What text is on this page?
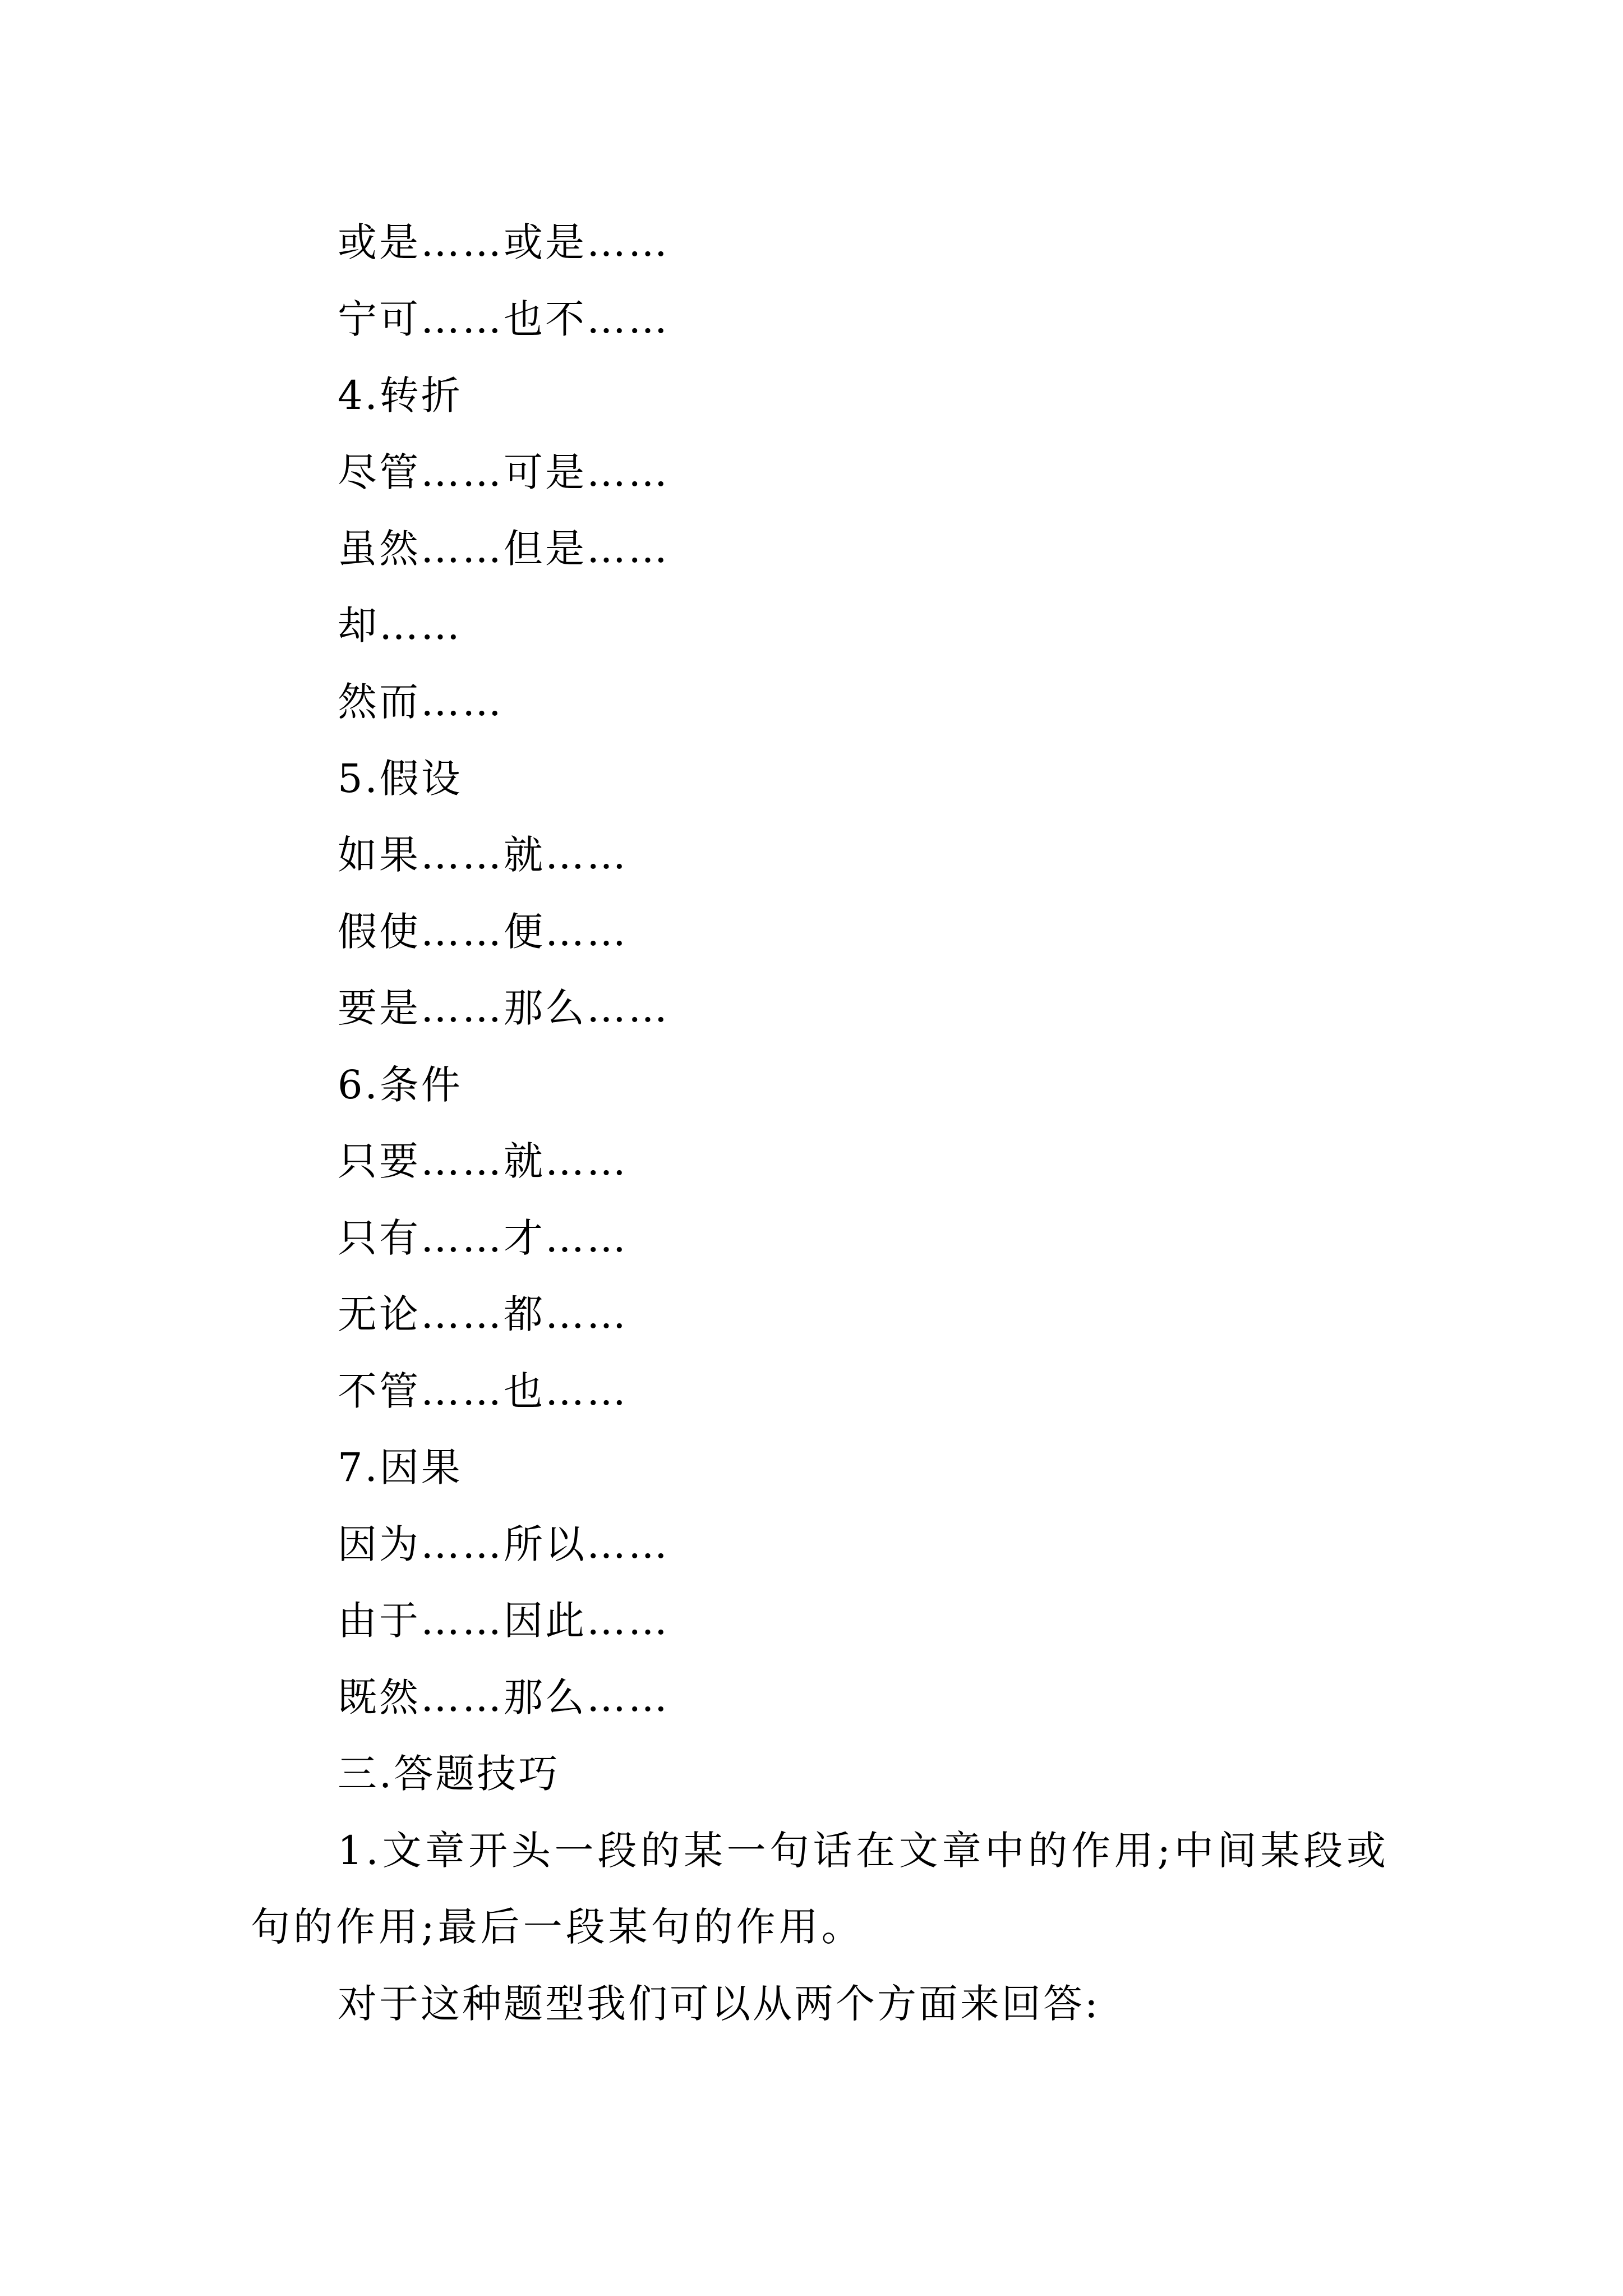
或是……或是……
宁可……也不……
4.转折
尽管……可是……
虽然……但是……
却……
然而……
5.假设
如果……就……
假使……便……
要是……那么……
6.条件
只要……就……
只有……才……
无论……都……
不管……也……
7.因果
因为……所以……
由于……因此……
既然……那么……
三.答题技巧
1.文章开头一段的某一句话在文章中的作用;中间某段或句的作用;最后一段某句的作用。
对于这种题型我们可以从两个方面来回答:
